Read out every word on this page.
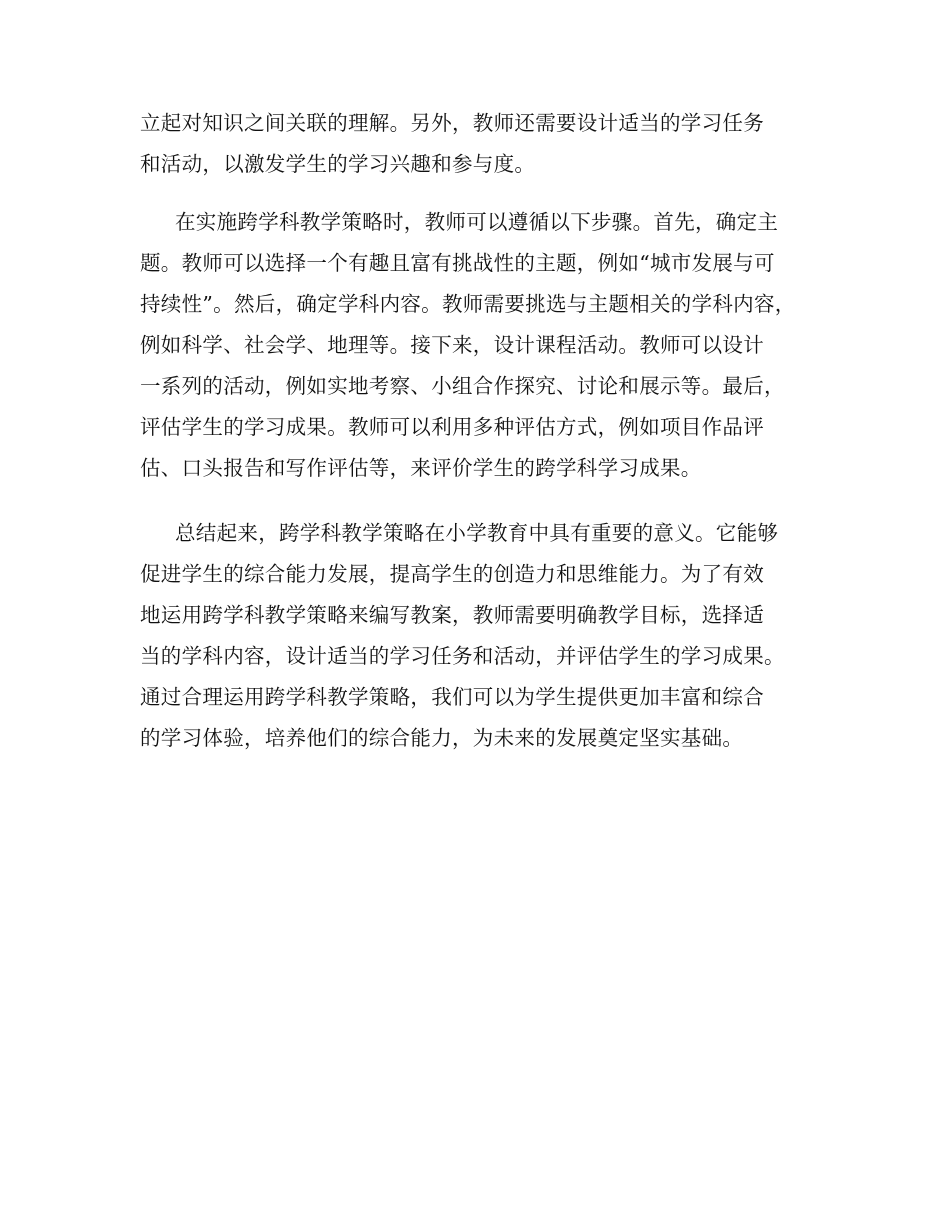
立起对知识之间关联的理解。另外，教师还需要设计适当的学习任务
和活动，以激发学生的学习兴趣和参与度。
在实施跨学科教学策略时，教师可以遵循以下步骤。首先，确定主
题。教师可以选择一个有趣且富有挑战性的主题，例如“城市发展与可
持续性”。然后，确定学科内容。教师需要挑选与主题相关的学科内容，
例如科学、社会学、地理等。接下来，设计课程活动。教师可以设计
一系列的活动，例如实地考察、小组合作探究、讨论和展示等。最后，
评估学生的学习成果。教师可以利用多种评估方式，例如项目作品评
估、口头报告和写作评估等，来评价学生的跨学科学习成果。
总结起来，跨学科教学策略在小学教育中具有重要的意义。它能够
促进学生的综合能力发展，提高学生的创造力和思维能力。为了有效
地运用跨学科教学策略来编写教案，教师需要明确教学目标，选择适
当的学科内容，设计适当的学习任务和活动，并评估学生的学习成果。
通过合理运用跨学科教学策略，我们可以为学生提供更加丰富和综合
的学习体验，培养他们的综合能力，为未来的发展奠定坚实基础。
